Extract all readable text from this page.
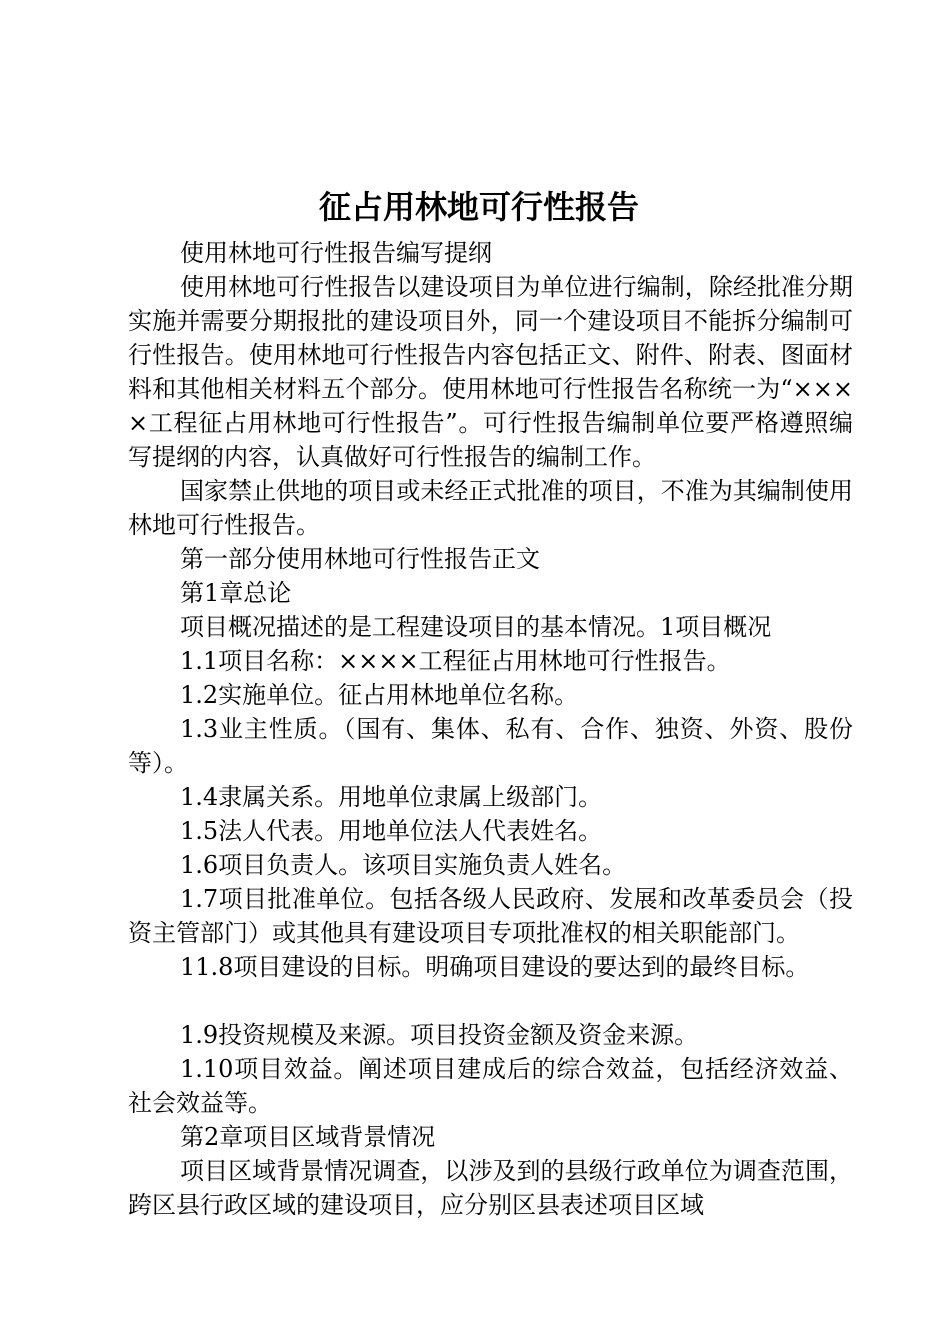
征占用林地可行性报告

使用林地可行性报告编写提纲

使用林地可行性报告以建设项目为单位进行编制，除经批准分期实施并需要分期报批的建设项目外，同一个建设项目不能拆分编制可行性报告。使用林地可行性报告内容包括正文、附件、附表、图面材料和其他相关材料五个部分。使用林地可行性报告名称统一为“××××工程征占用林地可行性报告”。可行性报告编制单位要严格遵照编写提纲的内容，认真做好可行性报告的编制工作。

国家禁止供地的项目或未经正式批准的项目，不准为其编制使用林地可行性报告。

第一部分使用林地可行性报告正文

第1章总论

项目概况描述的是工程建设项目的基本情况。1项目概况

1.1项目名称：××××工程征占用林地可行性报告。

1.2实施单位。征占用林地单位名称。

1.3业主性质。（国有、集体、私有、合作、独资、外资、股份等）。

1.4隶属关系。用地单位隶属上级部门。

1.5法人代表。用地单位法人代表姓名。

1.6项目负责人。该项目实施负责人姓名。

1.7项目批准单位。包括各级人民政府、发展和改革委员会（投资主管部门）或其他具有建设项目专项批准权的相关职能部门。

11.8项目建设的目标。明确项目建设的要达到的最终目标。

1.9投资规模及来源。项目投资金额及资金来源。

1.10项目效益。阐述项目建成后的综合效益，包括经济效益、社会效益等。

第2章项目区域背景情况

项目区域背景情况调查，以涉及到的县级行政单位为调查范围，跨区县行政区域的建设项目，应分别区县表述项目区域
